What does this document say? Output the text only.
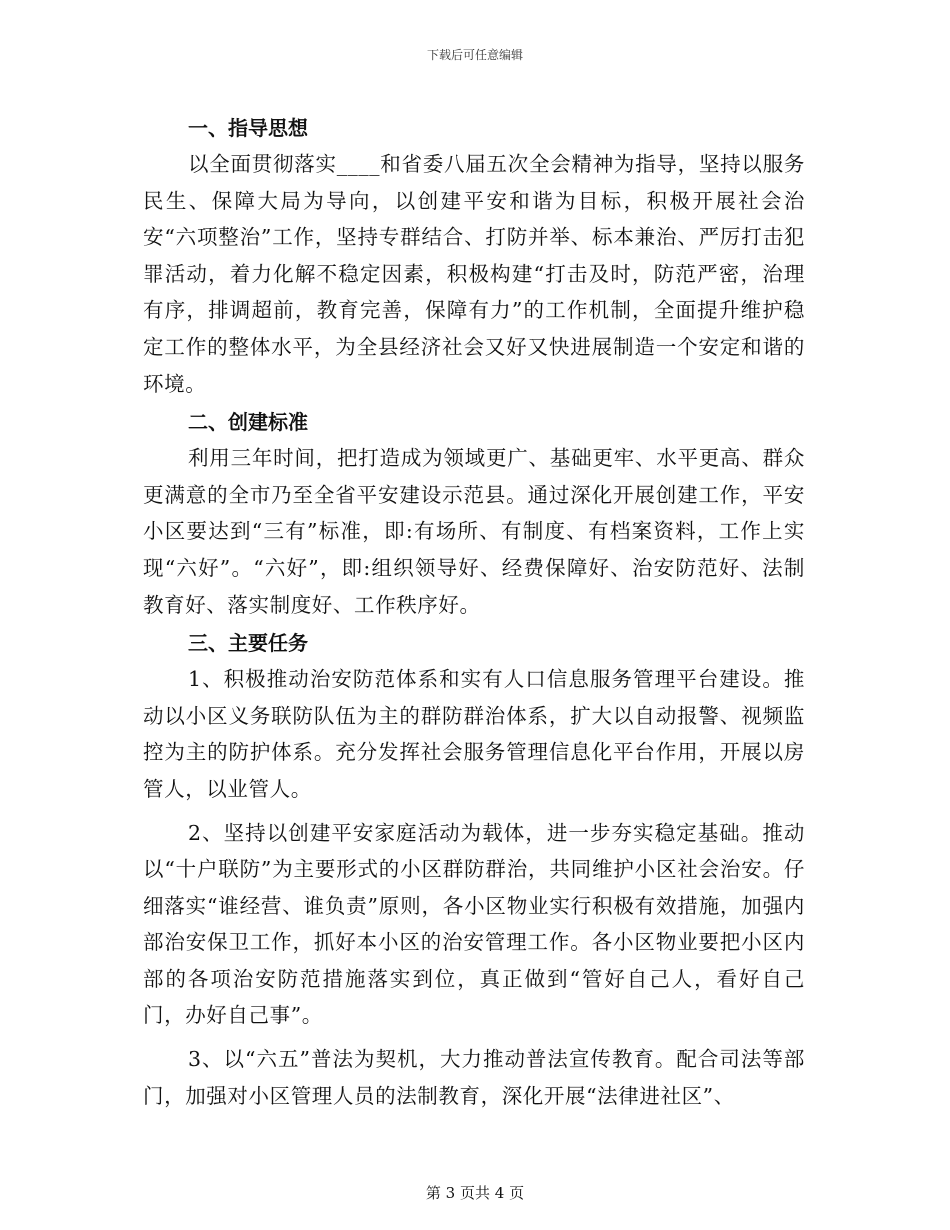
下载后可任意编辑
一、指导思想

以全面贯彻落实____和省委八届五次全会精神为指导，坚持以服务民生、保障大局为导向，以创建平安和谐为目标，积极开展社会治安“六项整治”工作，坚持专群结合、打防并举、标本兼治、严厉打击犯罪活动，着力化解不稳定因素，积极构建“打击及时，防范严密，治理有序，排调超前，教育完善，保障有力”的工作机制，全面提升维护稳定工作的整体水平，为全县经济社会又好又快进展制造一个安定和谐的环境。

二、创建标准

利用三年时间，把打造成为领域更广、基础更牢、水平更高、群众更满意的全市乃至全省平安建设示范县。通过深化开展创建工作，平安小区要达到“三有”标准，即:有场所、有制度、有档案资料，工作上实现“六好”。“六好”，即:组织领导好、经费保障好、治安防范好、法制教育好、落实制度好、工作秩序好。

三、主要任务

1、积极推动治安防范体系和实有人口信息服务管理平台建设。推动以小区义务联防队伍为主的群防群治体系，扩大以自动报警、视频监控为主的防护体系。充分发挥社会服务管理信息化平台作用，开展以房管人，以业管人。

2、坚持以创建平安家庭活动为载体，进一步夯实稳定基础。推动以“十户联防”为主要形式的小区群防群治，共同维护小区社会治安。仔细落实“谁经营、谁负责”原则，各小区物业实行积极有效措施，加强内部治安保卫工作，抓好本小区的治安管理工作。各小区物业要把小区内部的各项治安防范措施落实到位，真正做到“管好自己人，看好自己门，办好自己事”。

3、以“六五”普法为契机，大力推动普法宣传教育。配合司法等部门，加强对小区管理人员的法制教育，深化开展“法律进社区”、

第 3 页共 4 页
